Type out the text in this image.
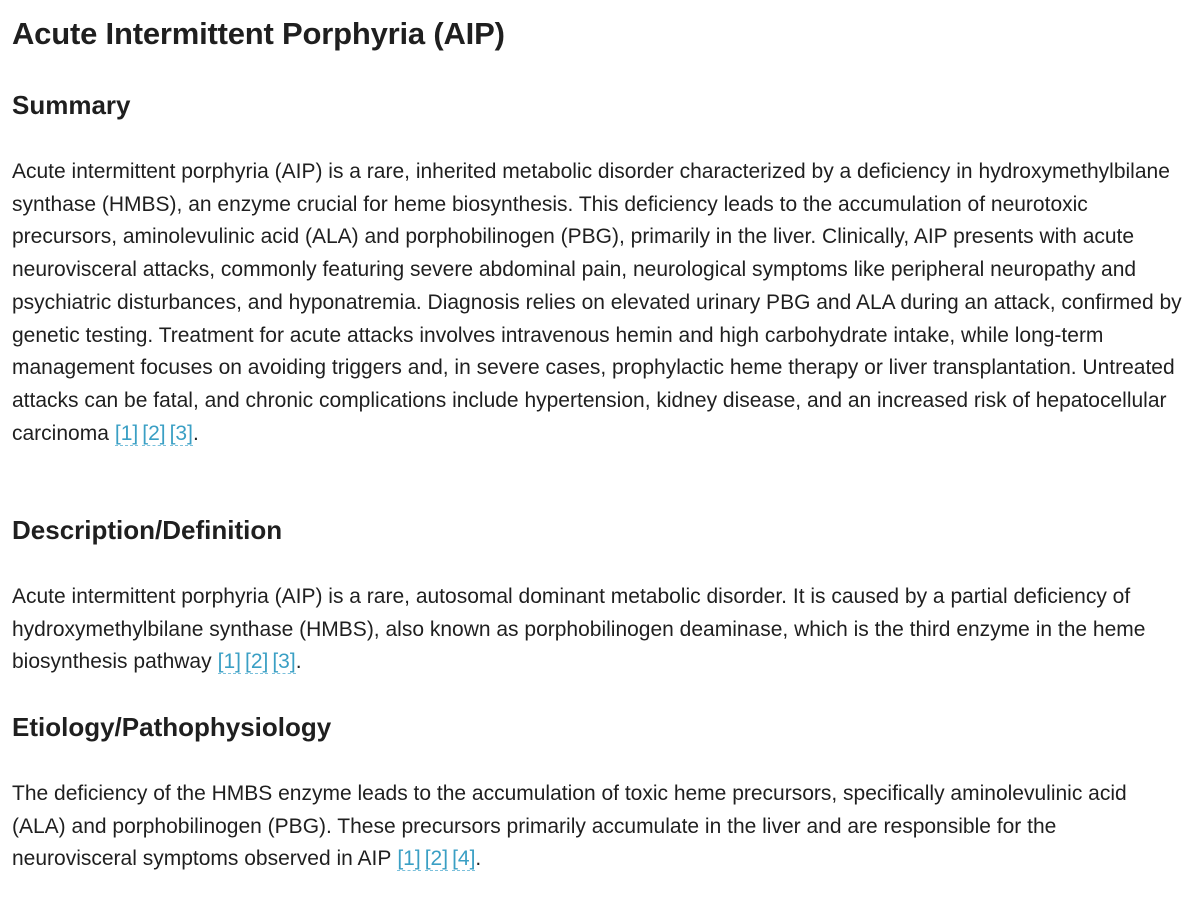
Acute Intermittent Porphyria (AIP)
Summary

Acute intermittent porphyria (AIP) is a rare, inherited metabolic disorder characterized by a deficiency in hydroxymethylbilane synthase (HMBS), an enzyme crucial for heme biosynthesis. This deficiency leads to the accumulation of neurotoxic precursors, aminolevulinic acid (ALA) and porphobilinogen (PBG), primarily in the liver. Clinically, AIP presents with acute neurovisceral attacks, commonly featuring severe abdominal pain, neurological symptoms like peripheral neuropathy and psychiatric disturbances, and hyponatremia. Diagnosis relies on elevated urinary PBG and ALA during an attack, confirmed by genetic testing. Treatment for acute attacks involves intravenous hemin and high carbohydrate intake, while long-term management focuses on avoiding triggers and, in severe cases, prophylactic heme therapy or liver transplantation. Untreated attacks can be fatal, and chronic complications include hypertension, kidney disease, and an increased risk of hepatocellular carcinoma [1] [2] [3].

Description/Definition

Acute intermittent porphyria (AIP) is a rare, autosomal dominant metabolic disorder. It is caused by a partial deficiency of hydroxymethylbilane synthase (HMBS), also known as porphobilinogen deaminase, which is the third enzyme in the heme biosynthesis pathway [1] [2] [3].

Etiology/Pathophysiology

The deficiency of the HMBS enzyme leads to the accumulation of toxic heme precursors, specifically aminolevulinic acid (ALA) and porphobilinogen (PBG). These precursors primarily accumulate in the liver and are responsible for the neurovisceral symptoms observed in AIP [1] [2] [4].
